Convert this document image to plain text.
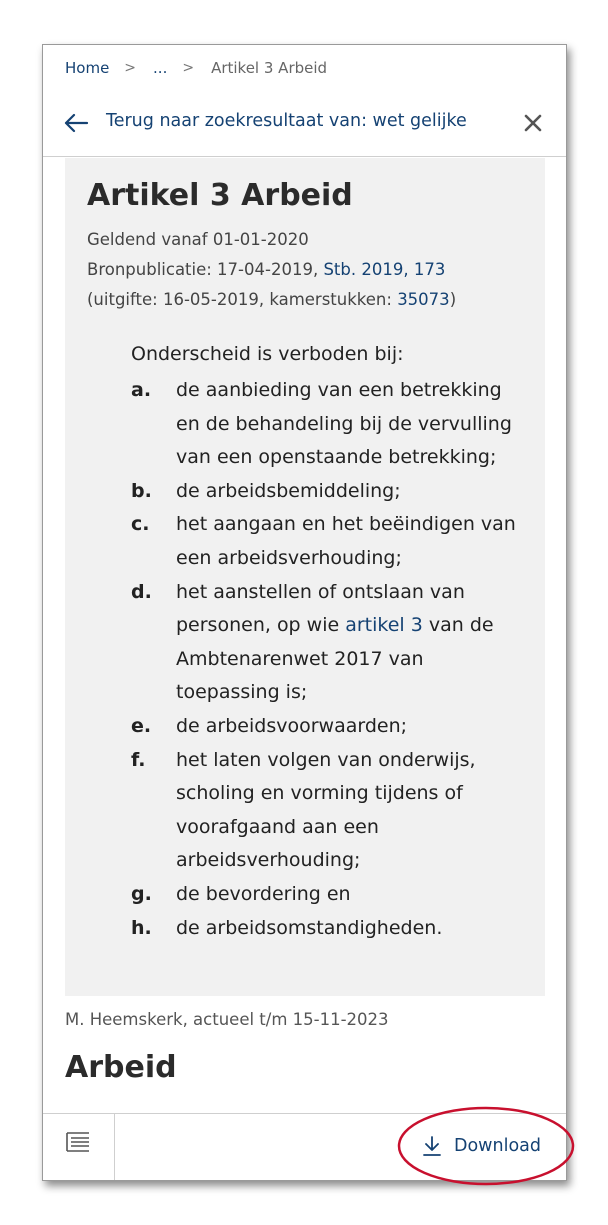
Home > ... > Artikel 3 Arbeid
Terug naar zoekresultaat van: wet gelijke
Artikel 3 Arbeid
Geldend vanaf 01-01-2020
Bronpublicatie: 17-04-2019, Stb. 2019, 173
(uitgifte: 16-05-2019, kamerstukken: 35073)
Onderscheid is verboden bij:
a.	de aanbieding van een betrekking en de behandeling bij de vervulling van een openstaande betrekking;
b.	de arbeidsbemiddeling;
c.	het aangaan en het beëindigen van een arbeidsverhouding;
d.	het aanstellen of ontslaan van personen, op wie artikel 3 van de Ambtenarenwet 2017 van toepassing is;
e.	de arbeidsvoorwaarden;
f.	het laten volgen van onderwijs, scholing en vorming tijdens of voorafgaand aan een arbeidsverhouding;
g.	de bevordering en
h.	de arbeidsomstandigheden.
M. Heemskerk, actueel t/m 15-11-2023
Arbeid
Download
